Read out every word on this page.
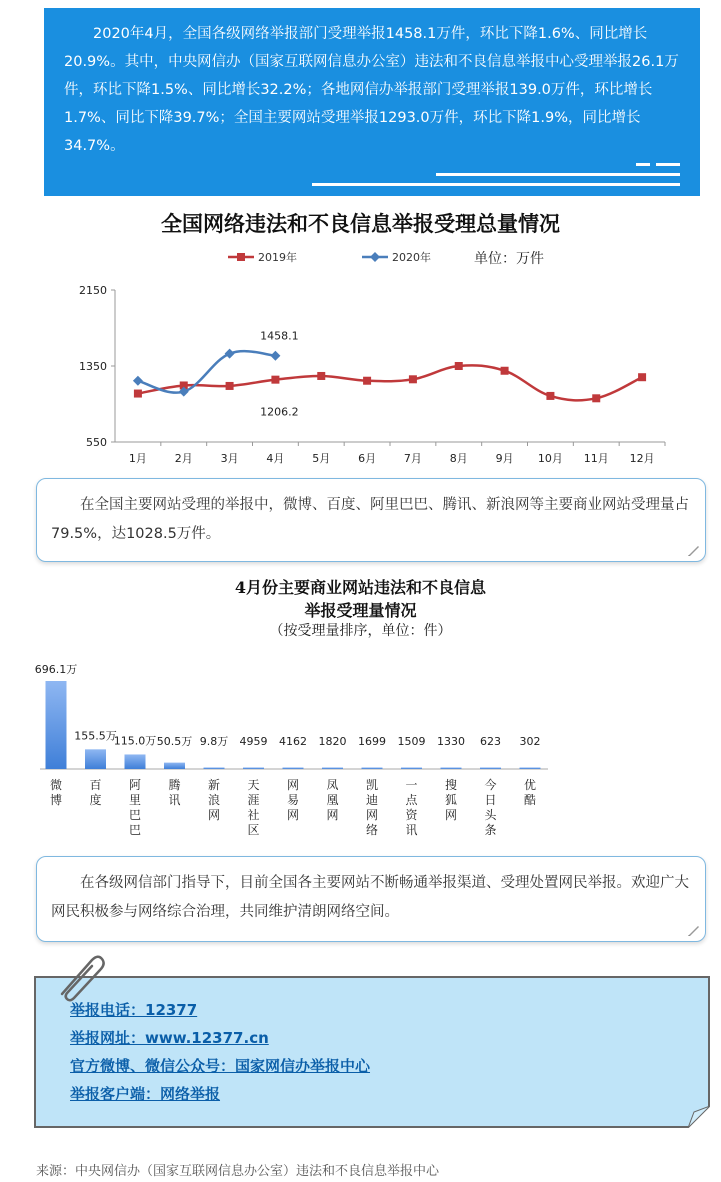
2020年4月，全国各级网络举报部门受理举报1458.1万件，环比下降1.6%、同比增长20.9%。其中，中央网信办（国家互联网信息办公室）违法和不良信息举报中心受理举报26.1万件，环比下降1.5%、同比增长32.2%；各地网信办举报部门受理举报139.0万件，环比增长1.7%、同比下降39.7%；全国主要网站受理举报1293.0万件，环比下降1.9%，同比增长34.7%。
全国网络违法和不良信息举报受理总量情况
2019年	2020年	单位：万件
2150
1350
550
1月	2月	3月	4月	5月	6月	7月	8月	9月 10月 11月 12月
1458.1
1206.2
在全国主要网站受理的举报中，微博、百度、阿里巴巴、腾讯、新浪网等主要商业网站受理量占79.5%，达1028.5万件。
4月份主要商业网站违法和不良信息
举报受理量情况
（按受理量排序，单位：件）
696.1万
微
博
155.5万
百
度
115.0万
阿
里
巴
巴
50.5万
腾
讯
9.8万
新
浪
网
4959
天
涯
社
区
4162
网
易
网
1820
凤
凰
网
1699
凯
迪
网
络
1509
一
点
资
讯
1330
搜
狐
网
623
今
日
头
条
302
优
酷
在各级网信部门指导下，目前全国各主要网站不断畅通举报渠道、受理处置网民举报。欢迎广大网民积极参与网络综合治理，共同维护清朗网络空间。
举报电话：12377
举报网址：www.12377.cn
官方微博、微信公众号：国家网信办举报中心
举报客户端：网络举报
来源：中央网信办（国家互联网信息办公室）违法和不良信息举报中心
